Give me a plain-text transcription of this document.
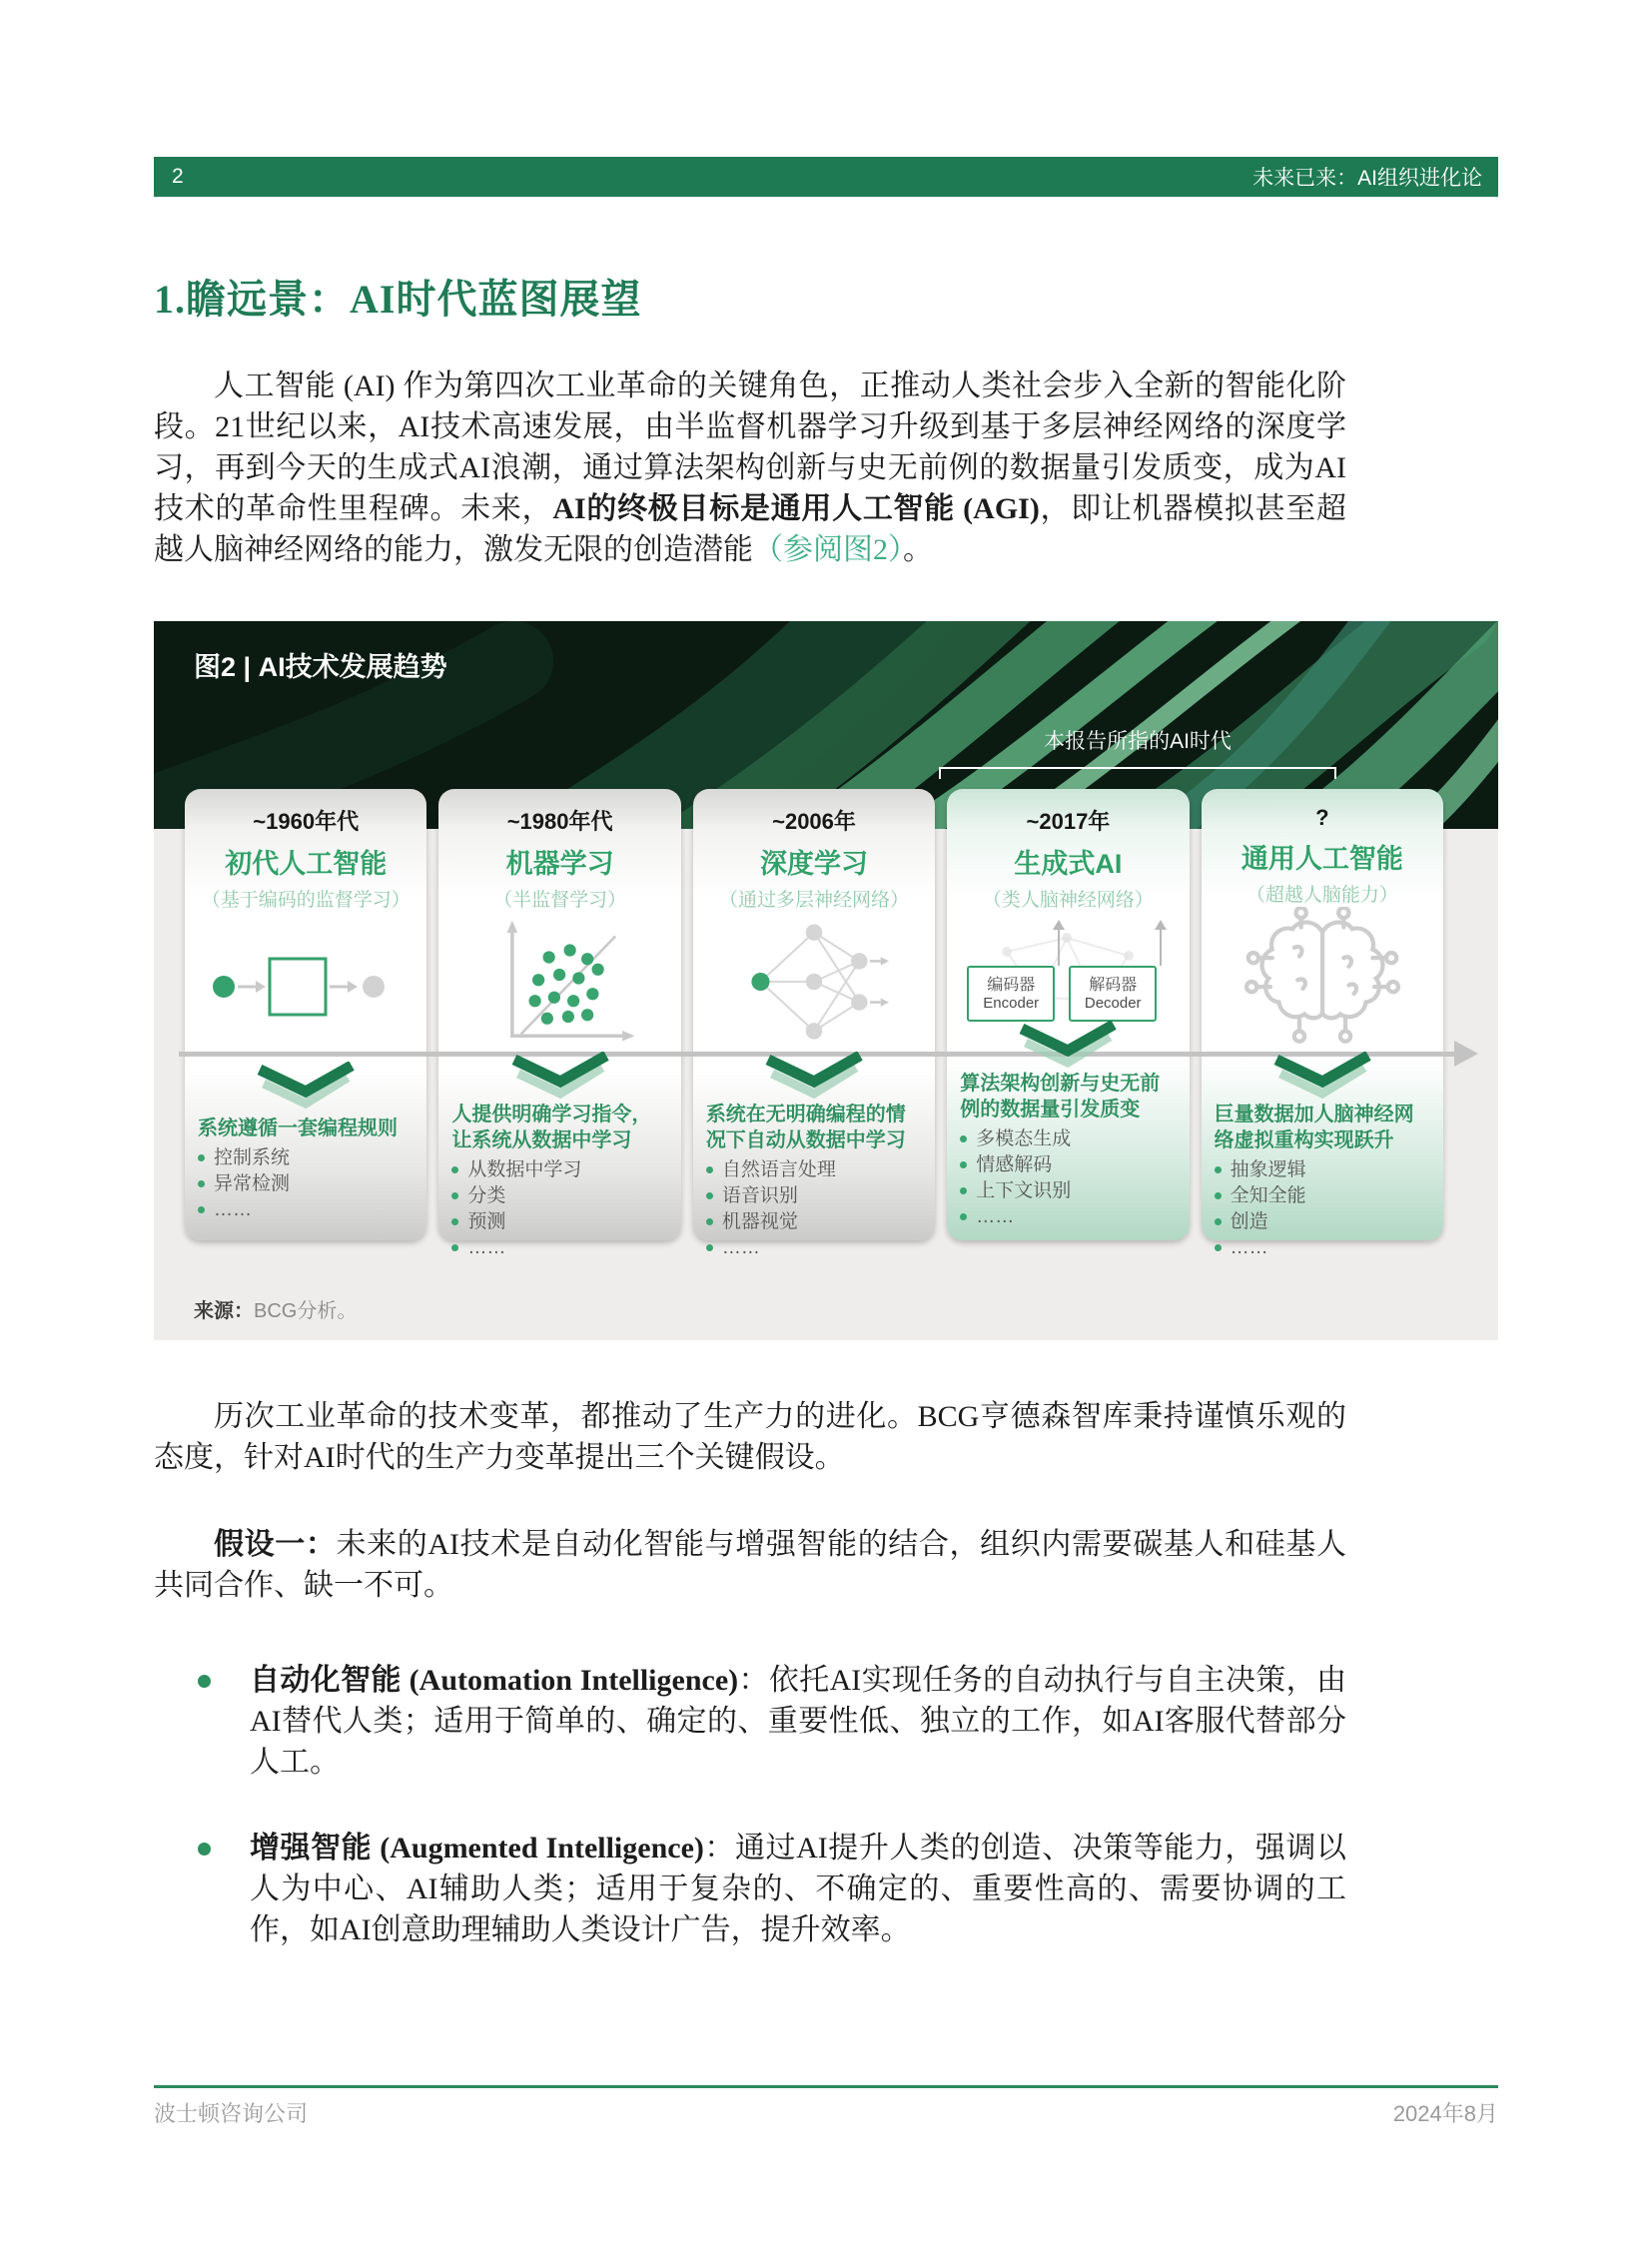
2	未来已来：AI组织进化论
1.瞻远景：AI时代蓝图展望

人工智能 (AI) 作为第四次工业革命的关键角色，正推动人类社会步入全新的智能化阶段。21世纪以来，AI技术高速发展，由半监督机器学习升级到基于多层神经网络的深度学习，再到今天的生成式AI浪潮，通过算法架构创新与史无前例的数据量引发质变，成为AI技术的革命性里程碑。未来，AI的终极目标是通用人工智能 (AGI)，即让机器模拟甚至超越人脑神经网络的能力，激发无限的创造潜能（参阅图2）。

图2 | AI技术发展趋势
本报告所指的AI时代
~1960年代
初代人工智能
（基于编码的监督学习）
系统遵循一套编程规则
控制系统
异常检测
……
~1980年代
机器学习
（半监督学习）
人提供明确学习指令，让系统从数据中学习
从数据中学习
分类
预测
……
~2006年
深度学习
（通过多层神经网络）
系统在无明确编程的情况下自动从数据中学习
自然语言处理
语音识别
机器视觉
……
~2017年
生成式AI
（类人脑神经网络）
编码器
Encoder
解码器
Decoder
算法架构创新与史无前例的数据量引发质变
多模态生成
情感解码
上下文识别
……
?
通用人工智能
（超越人脑能力）
巨量数据加人脑神经网络虚拟重构实现跃升
抽象逻辑
全知全能
创造
……
来源：BCG分析。

历次工业革命的技术变革，都推动了生产力的进化。BCG亨德森智库秉持谨慎乐观的态度，针对AI时代的生产力变革提出三个关键假设。

假设一：未来的AI技术是自动化智能与增强智能的结合，组织内需要碳基人和硅基人共同合作、缺一不可。

自动化智能 (Automation Intelligence)：依托AI实现任务的自动执行与自主决策，由AI替代人类；适用于简单的、确定的、重要性低、独立的工作，如AI客服代替部分人工。

增强智能 (Augmented Intelligence)：通过AI提升人类的创造、决策等能力，强调以人为中心、AI辅助人类；适用于复杂的、不确定的、重要性高的、需要协调的工作，如AI创意助理辅助人类设计广告，提升效率。

波士顿咨询公司	2024年8月
